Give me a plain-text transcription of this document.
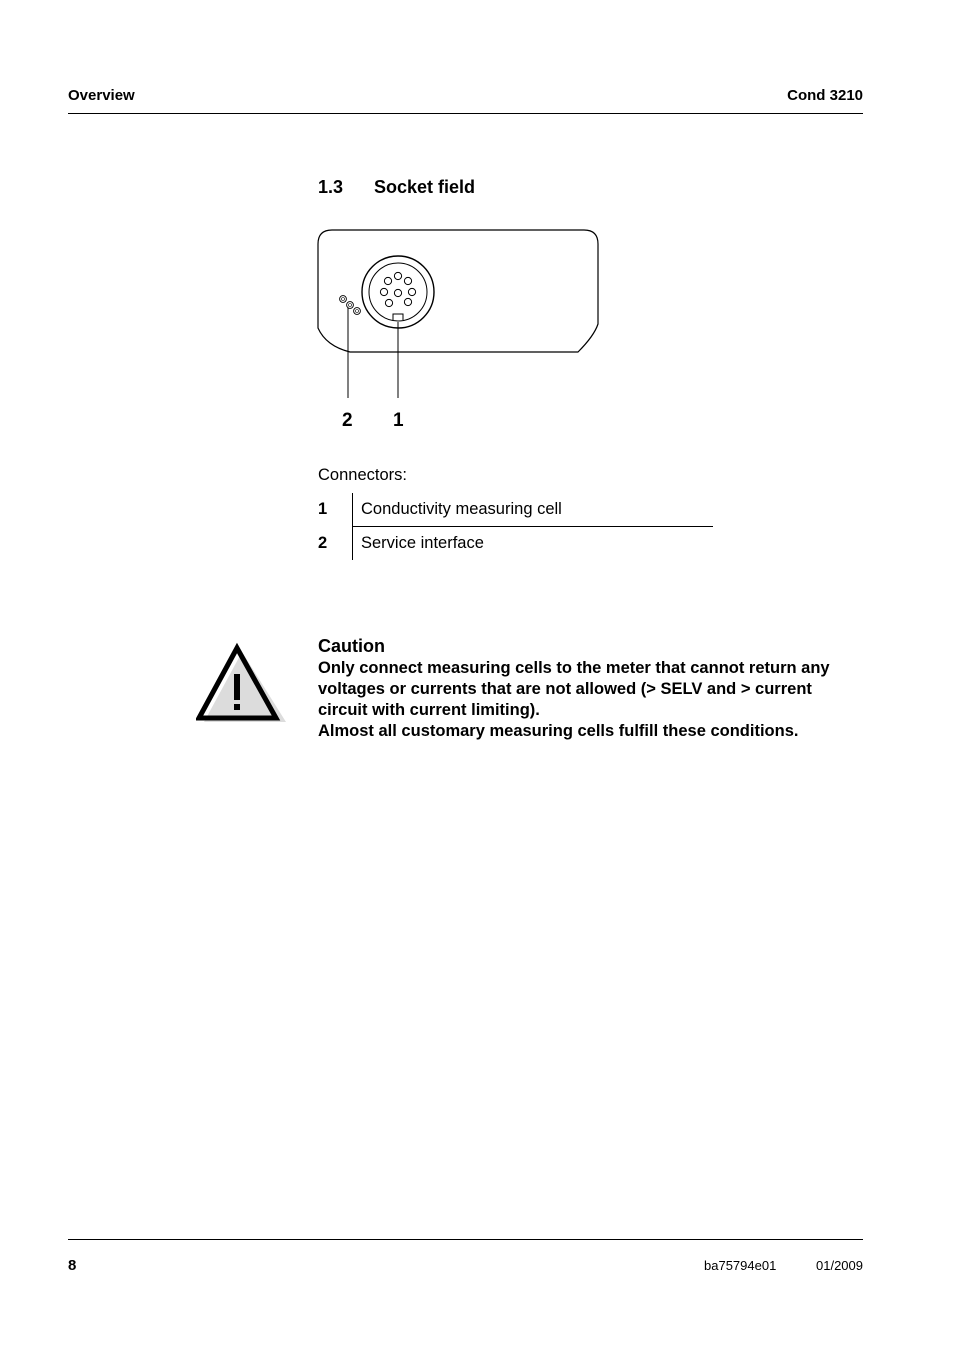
Overview	Cond 3210
1.3 Socket field
2 1
Connectors:
1	Conductivity measuring cell
2	Service interface
Caution
Only connect measuring cells to the meter that cannot return any
voltages or currents that are not allowed (> SELV and > current
circuit with current limiting).
Almost all customary measuring cells fulfill these conditions.
8	ba75794e01	01/2009
